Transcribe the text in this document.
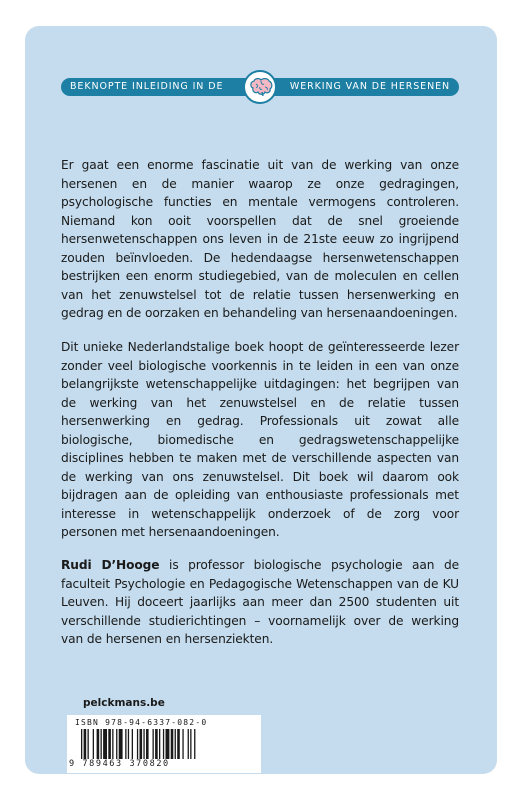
BEKNOPTE INLEIDING IN DE	WERKING VAN DE HERSENEN
Er gaat een enorme fascinatie uit van de werking van onze hersenen en de manier waarop ze onze gedragingen, psychologische functies en mentale vermogens controleren. Niemand kon ooit voorspellen dat de snel groeiende hersenwetenschappen ons leven in de 21ste eeuw zo ingrijpend zouden beïnvloeden. De hedendaagse hersenwetenschappen bestrijken een enorm studiegebied, van de moleculen en cellen van het zenuwstelsel tot de relatie tussen hersenwerking en gedrag en de oorzaken en behandeling van hersenaandoeningen.
Dit unieke Nederlandstalige boek hoopt de geïnteresseerde lezer zonder veel biologische voorkennis in te leiden in een van onze belangrijkste wetenschappelijke uitdagingen: het begrijpen van de werking van het zenuwstelsel en de relatie tussen hersenwerking en gedrag. Professionals uit zowat alle biologische, biomedische en gedragswetenschappelijke disciplines hebben te maken met de verschillende aspecten van de werking van ons zenuwstelsel. Dit boek wil daarom ook bijdragen aan de opleiding van enthousiaste professionals met interesse in wetenschappelijk onderzoek of de zorg voor personen met hersenaandoeningen.
Rudi D’Hooge is professor biologische psychologie aan de faculteit Psychologie en Pedagogische Wetenschappen van de KU Leuven. Hij doceert jaarlijks aan meer dan 2500 studenten uit verschillende studierichtingen – voornamelijk over de werking van de hersenen en hersenziekten.
pelckmans.be
ISBN 978-94-6337-082-0
9 789463 370820
